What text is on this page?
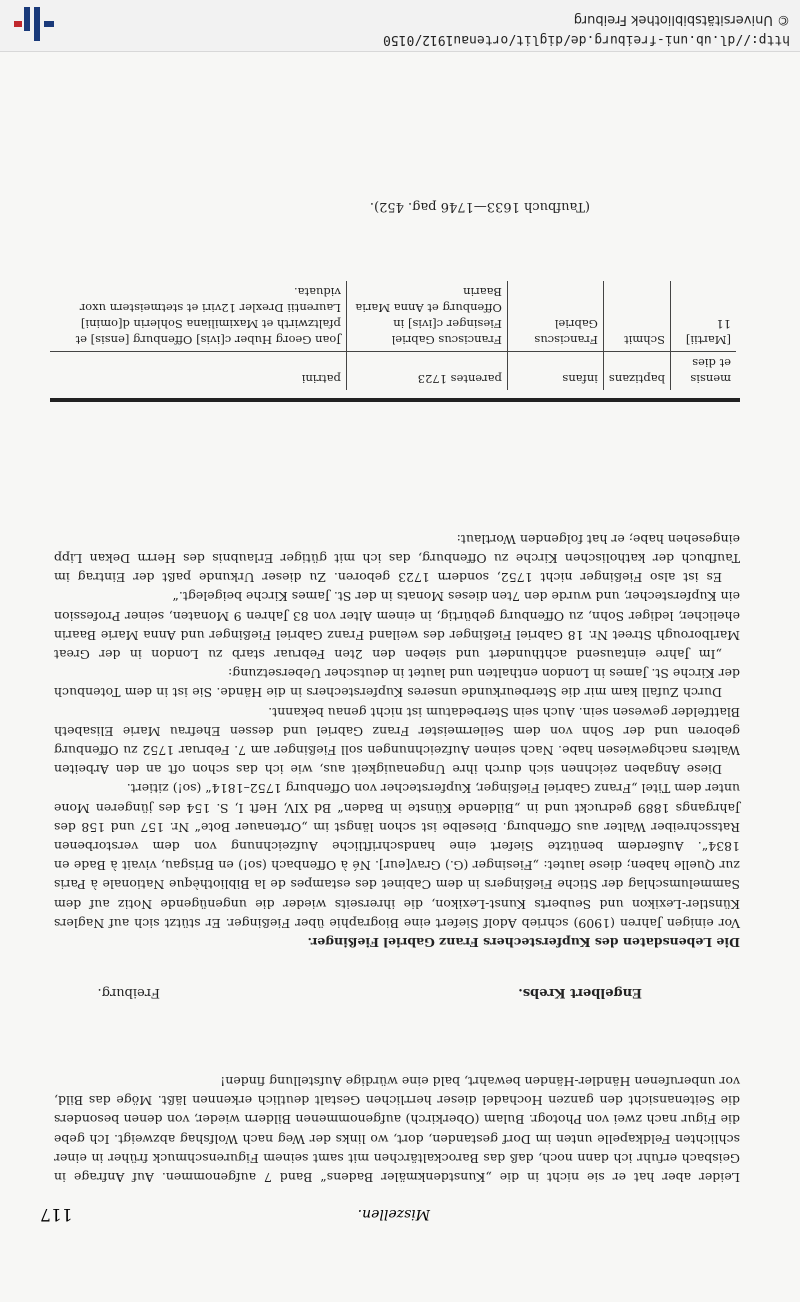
Miszellen.
117

Leider aber hat er sie nicht in die „Kunstdenkmäler Badens“ Band 7 aufgenommen. Auf Anfrage in Geisbach erfuhr ich dann noch, daß das Barockaltärchen mit samt seinem Figurenschmuck früher in einer schlichten Feldkapelle unten im Dorf gestanden, dort, wo links der Weg nach Wolfshag abzweigt. Ich gebe die Figur nach zwei von Photogr. Bulam (Oberkirch) aufgenommenen Bildern wieder, von denen besonders die Seitenansicht den ganzen Hochadel dieser herrlichen Gestalt deutlich erkennen läßt. Möge das Bild, vor unberufenen Händler-Händen bewahrt, bald eine würdige Aufstellung finden!

Freiburg.	Engelbert Krebs.

Die Lebensdaten des Kupferstechers Franz Gabriel Fießinger.

Vor einigen Jahren (1909) schrieb Adolf Siefert eine Biographie über Fießinger. Er stützt sich auf Naglers Künstler-Lexikon und Seuberts Kunst-Lexikon, die ihrerseits wieder die ungenügende Notiz auf dem Sammelumschlag der Stiche Fießingers in dem Cabinet des estampes de la Bibliothèque Nationale à Paris zur Quelle haben; diese lautet: „Fiesinger (G.) Grav[eur]. Né à Offenbach (so!) en Brisgau, vivait à Bade en 1834“. Außerdem benützte Siefert eine handschriftliche Aufzeichnung von dem verstorbenen Ratsschreiber Walter aus Offenburg. Dieselbe ist schon längst im „Ortenauer Bote“ Nr. 157 und 158 des Jahrgangs 1889 gedruckt und in „Bildende Künste in Baden“ Bd XIV, Heft I, S. 154 des jüngeren Mone unter dem Titel „Franz Gabriel Fießinger, Kupferstecher von Offenburg 1752–1814“ (so!) zitiert.

Diese Angaben zeichnen sich durch ihre Ungenauigkeit aus, wie ich das schon oft an den Arbeiten Walters nachgewiesen habe. Nach seinen Aufzeichnungen soll Fießinger am 7. Februar 1752 zu Offenburg geboren und der Sohn von dem Seilermeister Franz Gabriel und dessen Ehefrau Marie Elisabeth Blattfelder gewesen sein. Auch sein Sterbedatum ist nicht genau bekannt.

Durch Zufall kam mir die Sterbeurkunde unseres Kupferstechers in die Hände. Sie ist in dem Totenbuch der Kirche St. James in London enthalten und lautet in deutscher Uebersetzung:

„Im Jahre eintausend achthundert und sieben den 2ten Februar starb zu London in der Great Marlborough Street Nr. 18 Gabriel Fießinger des weiland Franz Gabriel Fießinger und Anna Marie Baarin ehelicher, lediger Sohn, zu Offenburg gebürtig, in einem Alter von 83 Jahren 9 Monaten, seiner Profession ein Kupferstecher, und wurde den 7ten dieses Monats in der St. James Kirche beigelegt.“

Es ist also Fießinger nicht 1752, sondern 1723 geboren. Zu dieser Urkunde paßt der Eintrag im Taufbuch der katholischen Kirche zu Offenburg, das ich mit gütiger Erlaubnis des Herrn Dekan Lipp eingesehen habe; er hat folgenden Wortlaut:

mensis et dies	baptizans	infans	parentes 1723	patrini
[Martii] 11	Schmit	Franciscus Gabriel	Franciscus Gabriel Fiesinger c[ivis] in Offenburg et Anna Maria Baarin	Joan Georg Huber c[ivis] Offenburg [ensis] et pfaltzwirth et Maximiliana Sohlerin d[omini] Laurentii Drexler 12viri et stetmeistern uxor viduata.
(Taufbuch 1633—1746 pag. 452).
http://dl.ub.uni-freiburg.de/diglit/ortenau1912/0150
© Universitätsbibliothek Freiburg
